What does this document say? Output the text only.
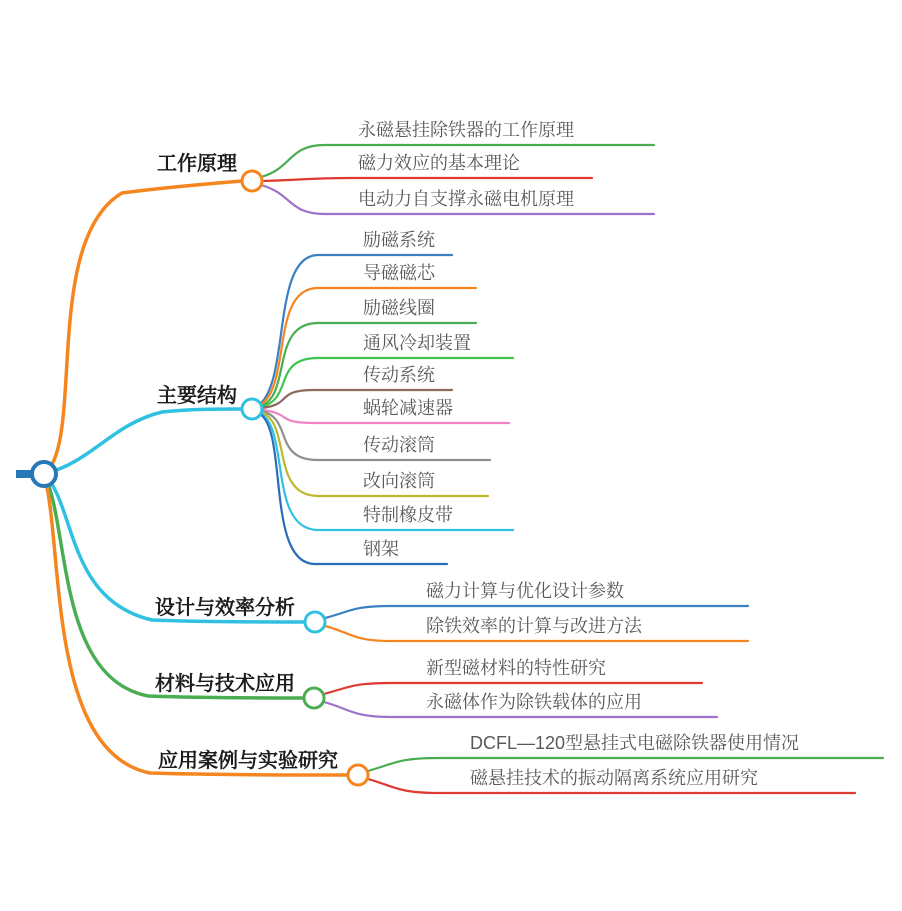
工作原理
主要结构
设计与效率分析
材料与技术应用
应用案例与实验研究
永磁悬挂除铁器的工作原理
磁力效应的基本理论
电动力自支撑永磁电机原理
励磁系统
导磁磁芯
励磁线圈
通风冷却装置
传动系统
蜗轮减速器
传动滚筒
改向滚筒
特制橡皮带
钢架
磁力计算与优化设计参数
除铁效率的计算与改进方法
新型磁材料的特性研究
永磁体作为除铁载体的应用
DCFL—120型悬挂式电磁除铁器使用情况
磁悬挂技术的振动隔离系统应用研究
